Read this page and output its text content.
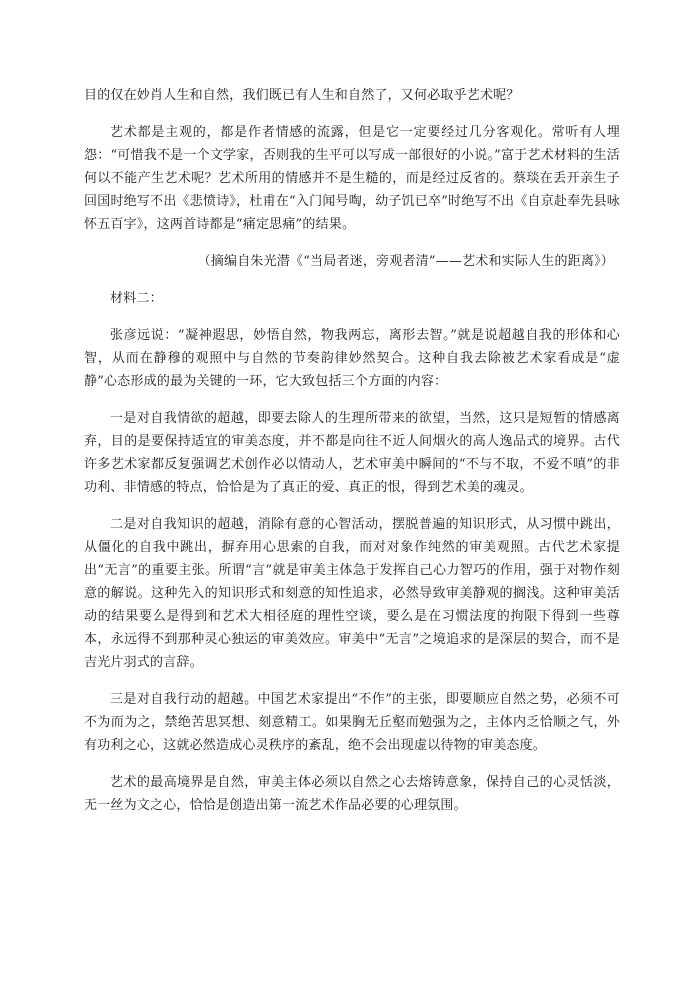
目的仅在妙肖人生和自然，我们既已有人生和自然了，又何必取乎艺术呢？

艺术都是主观的，都是作者情感的流露，但是它一定要经过几分客观化。常听有人埋怨：“可惜我不是一个文学家，否则我的生平可以写成一部很好的小说。”富于艺术材料的生活何以不能产生艺术呢？艺术所用的情感并不是生糙的，而是经过反省的。蔡琰在丢开亲生子回国时绝写不出《悲愤诗》，杜甫在“入门闻号啕，幼子饥已卒”时绝写不出《自京赴奉先县咏怀五百字》，这两首诗都是“痛定思痛”的结果。

（摘编自朱光潜《“当局者迷，旁观者清”——艺术和实际人生的距离》）

材料二：

张彦远说：“凝神遐思，妙悟自然，物我两忘，离形去智。”就是说超越自我的形体和心智，从而在静穆的观照中与自然的节奏韵律妙然契合。这种自我去除被艺术家看成是“虚静”心态形成的最为关键的一环，它大致包括三个方面的内容：

一是对自我情欲的超越，即要去除人的生理所带来的欲望，当然，这只是短暂的情感离弃，目的是要保持适宜的审美态度，并不都是向往不近人间烟火的高人逸品式的境界。古代许多艺术家都反复强调艺术创作必以情动人，艺术审美中瞬间的“不与不取，不爱不嗔”的非功利、非情感的特点，恰恰是为了真正的爱、真正的恨，得到艺术美的魂灵。

二是对自我知识的超越，消除有意的心智活动，摆脱普遍的知识形式，从习惯中跳出，从僵化的自我中跳出，摒弃用心思索的自我，而对对象作纯然的审美观照。古代艺术家提出“无言”的重要主张。所谓“言”就是审美主体急于发挥自己心力智巧的作用，强于对物作刻意的解说。这种先入的知识形式和刻意的知性追求，必然导致审美静观的搁浅。这种审美活动的结果要么是得到和艺术大相径庭的理性空谈，要么是在习惯法度的拘限下得到一些尊本，永远得不到那种灵心独运的审美效应。审美中“无言”之境追求的是深层的契合，而不是吉光片羽式的言辞。

三是对自我行动的超越。中国艺术家提出“不作”的主张，即要顺应自然之势，必须不可不为而为之，禁绝苦思冥想、刻意精工。如果胸无丘壑而勉强为之，主体内乏恰顺之气，外有功利之心，这就必然造成心灵秩序的紊乱，绝不会出现虚以待物的审美态度。

艺术的最高境界是自然，审美主体必须以自然之心去熔铸意象，保持自己的心灵恬淡，无一丝为文之心，恰恰是创造出第一流艺术作品必要的心理氛围。
